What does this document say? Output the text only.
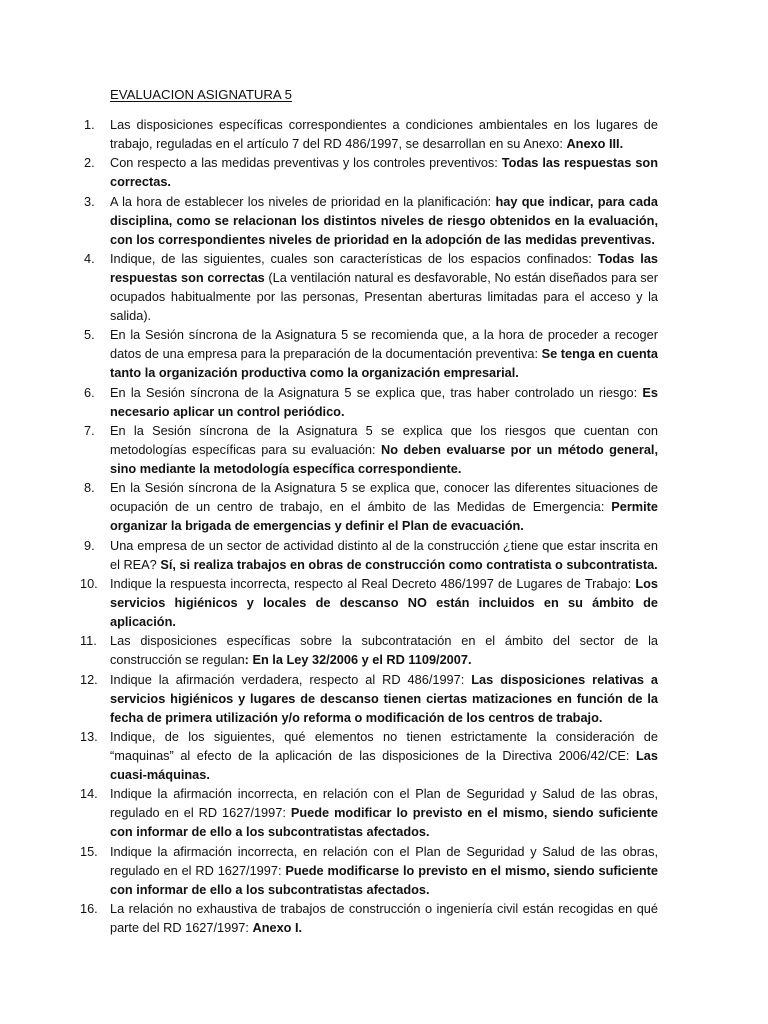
EVALUACION ASIGNATURA 5
1. Las disposiciones específicas correspondientes a condiciones ambientales en los lugares de trabajo, reguladas en el artículo 7 del RD 486/1997, se desarrollan en su Anexo: Anexo III.
2. Con respecto a las medidas preventivas y los controles preventivos: Todas las respuestas son correctas.
3. A la hora de establecer los niveles de prioridad en la planificación: hay que indicar, para cada disciplina, como se relacionan los distintos niveles de riesgo obtenidos en la evaluación, con los correspondientes niveles de prioridad en la adopción de las medidas preventivas.
4. Indique, de las siguientes, cuales son características de los espacios confinados: Todas las respuestas son correctas (La ventilación natural es desfavorable, No están diseñados para ser ocupados habitualmente por las personas, Presentan aberturas limitadas para el acceso y la salida).
5. En la Sesión síncrona de la Asignatura 5 se recomienda que, a la hora de proceder a recoger datos de una empresa para la preparación de la documentación preventiva: Se tenga en cuenta tanto la organización productiva como la organización empresarial.
6. En la Sesión síncrona de la Asignatura 5 se explica que, tras haber controlado un riesgo: Es necesario aplicar un control periódico.
7. En la Sesión síncrona de la Asignatura 5 se explica que los riesgos que cuentan con metodologías específicas para su evaluación: No deben evaluarse por un método general, sino mediante la metodología específica correspondiente.
8. En la Sesión síncrona de la Asignatura 5 se explica que, conocer las diferentes situaciones de ocupación de un centro de trabajo, en el ámbito de las Medidas de Emergencia: Permite organizar la brigada de emergencias y definir el Plan de evacuación.
9. Una empresa de un sector de actividad distinto al de la construcción ¿tiene que estar inscrita en el REA? Sí, si realiza trabajos en obras de construcción como contratista o subcontratista.
10. Indique la respuesta incorrecta, respecto al Real Decreto 486/1997 de Lugares de Trabajo: Los servicios higiénicos y locales de descanso NO están incluidos en su ámbito de aplicación.
11. Las disposiciones específicas sobre la subcontratación en el ámbito del sector de la construcción se regulan: En la Ley 32/2006 y el RD 1109/2007.
12. Indique la afirmación verdadera, respecto al RD 486/1997: Las disposiciones relativas a servicios higiénicos y lugares de descanso tienen ciertas matizaciones en función de la fecha de primera utilización y/o reforma o modificación de los centros de trabajo.
13. Indique, de los siguientes, qué elementos no tienen estrictamente la consideración de “maquinas” al efecto de la aplicación de las disposiciones de la Directiva 2006/42/CE: Las cuasi-máquinas.
14. Indique la afirmación incorrecta, en relación con el Plan de Seguridad y Salud de las obras, regulado en el RD 1627/1997: Puede modificar lo previsto en el mismo, siendo suficiente con informar de ello a los subcontratistas afectados.
15. Indique la afirmación incorrecta, en relación con el Plan de Seguridad y Salud de las obras, regulado en el RD 1627/1997: Puede modificarse lo previsto en el mismo, siendo suficiente con informar de ello a los subcontratistas afectados.
16. La relación no exhaustiva de trabajos de construcción o ingeniería civil están recogidas en qué parte del RD 1627/1997: Anexo I.
